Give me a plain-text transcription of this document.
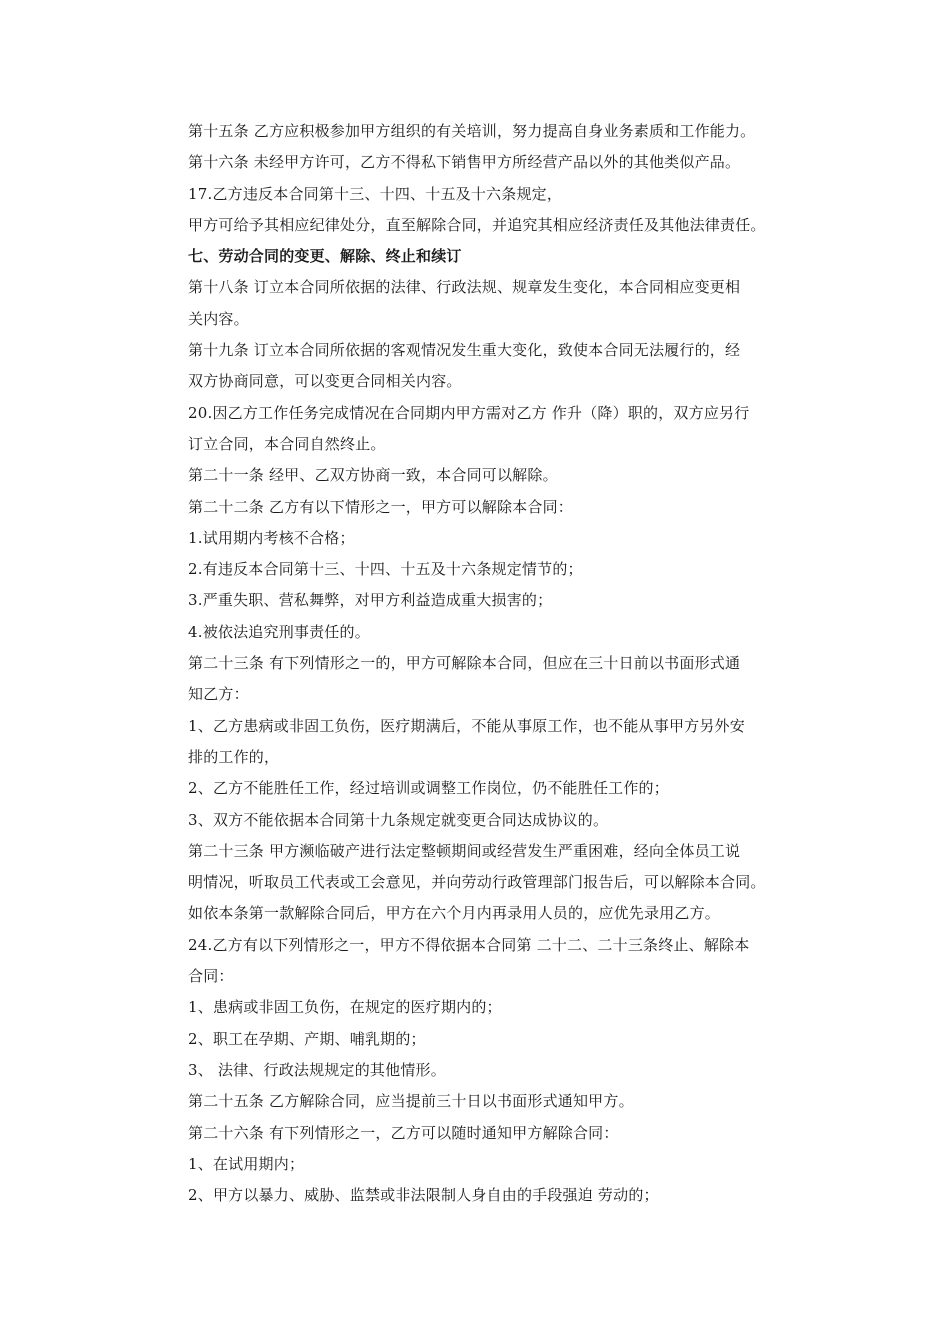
第十五条 乙方应积极参加甲方组织的有关培训，努力提高自身业务素质和工作能力。
第十六条 未经甲方许可，乙方不得私下销售甲方所经营产品以外的其他类似产品。
17.乙方违反本合同第十三、十四、十五及十六条规定，
甲方可给予其相应纪律处分，直至解除合同，并追究其相应经济责任及其他法律责任。
七、劳动合同的变更、解除、终止和续订
第十八条 订立本合同所依据的法律、行政法规、规章发生变化，本合同相应变更相
关内容。
第十九条 订立本合同所依据的客观情况发生重大变化，致使本合同无法履行的，经
双方协商同意，可以变更合同相关内容。
20.因乙方工作任务完成情况在合同期内甲方需对乙方 作升（降）职的，双方应另行
订立合同，本合同自然终止。
第二十一条 经甲、乙双方协商一致，本合同可以解除。
第二十二条 乙方有以下情形之一，甲方可以解除本合同：
1.试用期内考核不合格；
2.有违反本合同第十三、十四、十五及十六条规定情节的；
3.严重失职、营私舞弊，对甲方利益造成重大损害的；
4.被依法追究刑事责任的。
第二十三条 有下列情形之一的，甲方可解除本合同，但应在三十日前以书面形式通
知乙方：
1、乙方患病或非固工负伤，医疗期满后，不能从事原工作，也不能从事甲方另外安
排的工作的，
2、乙方不能胜任工作，经过培训或调整工作岗位，仍不能胜任工作的；
3、双方不能依据本合同第十九条规定就变更合同达成协议的。
第二十三条 甲方濒临破产进行法定整顿期间或经营发生严重困难，经向全体员工说
明情况，听取员工代表或工会意见，并向劳动行政管理部门报告后，可以解除本合同。
如依本条第一款解除合同后，甲方在六个月内再录用人员的，应优先录用乙方。
24.乙方有以下列情形之一，甲方不得依据本合同第 二十二、二十三条终止、解除本
合同：
1、患病或非固工负伤，在规定的医疗期内的；
2、职工在孕期、产期、哺乳期的；
3、 法律、行政法规规定的其他情形。
第二十五条 乙方解除合同，应当提前三十日以书面形式通知甲方。
第二十六条 有下列情形之一，乙方可以随时通知甲方解除合同：
1、在试用期内；
2、甲方以暴力、威胁、监禁或非法限制人身自由的手段强迫 劳动的；
